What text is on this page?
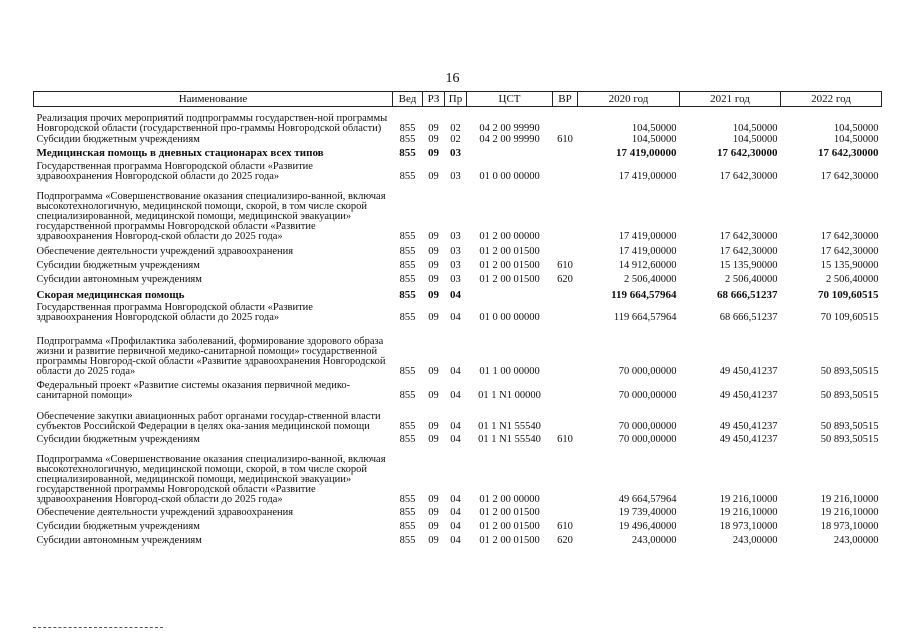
16
Наименование	Вед	РЗ	Пр	ЦСТ	ВР	2020 год	2021 год	2022 год
Реализация прочих мероприятий подпрограммы государствен-ной программы Новгородской области (государственной про-граммы Новгородской области)	855	09	02	04 2 00 99990		104,50000	104,50000	104,50000
Субсидии бюджетным учреждениям	855	09	02	04 2 00 99990	610	104,50000	104,50000	104,50000
Медицинская помощь в дневных стационарах всех типов	855	09	03			17 419,00000	17 642,30000	17 642,30000
Государственная программа Новгородской области «Развитие здравоохранения Новгородской области до 2025 года»	855	09	03	01 0 00 00000		17 419,00000	17 642,30000	17 642,30000
Подпрограмма «Совершенствование оказания специализиро-ванной, включая высокотехнологичную, медицинской помощи, скорой, в том числе скорой специализированной, медицинской помощи, медицинской эвакуации» государственной программы Новгородской области «Развитие здравоохранения Новгород-ской области до 2025 года»	855	09	03	01 2 00 00000		17 419,00000	17 642,30000	17 642,30000
Обеспечение деятельности учреждений здравоохранения	855	09	03	01 2 00 01500		17 419,00000	17 642,30000	17 642,30000
Субсидии бюджетным учреждениям	855	09	03	01 2 00 01500	610	14 912,60000	15 135,90000	15 135,90000
Субсидии автономным учреждениям	855	09	03	01 2 00 01500	620	2 506,40000	2 506,40000	2 506,40000
Скорая медицинская помощь	855	09	04			119 664,57964	68 666,51237	70 109,60515
Государственная программа Новгородской области «Развитие здравоохранения Новгородской области до 2025 года»	855	09	04	01 0 00 00000		119 664,57964	68 666,51237	70 109,60515
Подпрограмма «Профилактика заболеваний, формирование здорового образа жизни и развитие первичной медико-санитарной помощи» государственной программы Новгород-ской области «Развитие здравоохранения Новгородской области до 2025 года»	855	09	04	01 1 00 00000		70 000,00000	49 450,41237	50 893,50515
Федеральный проект «Развитие системы оказания первичной медико-санитарной помощи»	855	09	04	01 1 N1 00000		70 000,00000	49 450,41237	50 893,50515
Обеспечение закупки авиационных работ органами государ-ственной власти субъектов Российской Федерации в целях ока-зания медицинской помощи	855	09	04	01 1 N1 55540		70 000,00000	49 450,41237	50 893,50515
Субсидии бюджетным учреждениям	855	09	04	01 1 N1 55540	610	70 000,00000	49 450,41237	50 893,50515
Подпрограмма «Совершенствование оказания специализиро-ванной, включая высокотехнологичную, медицинской помощи, скорой, в том числе скорой специализированной, медицинской помощи, медицинской эвакуации» государственной программы Новгородской области «Развитие здравоохранения Новгород-ской области до 2025 года»	855	09	04	01 2 00 00000		49 664,57964	19 216,10000	19 216,10000
Обеспечение деятельности учреждений здравоохранения	855	09	04	01 2 00 01500		19 739,40000	19 216,10000	19 216,10000
Субсидии бюджетным учреждениям	855	09	04	01 2 00 01500	610	19 496,40000	18 973,10000	18 973,10000
Субсидии автономным учреждениям	855	09	04	01 2 00 01500	620	243,00000	243,00000	243,00000
